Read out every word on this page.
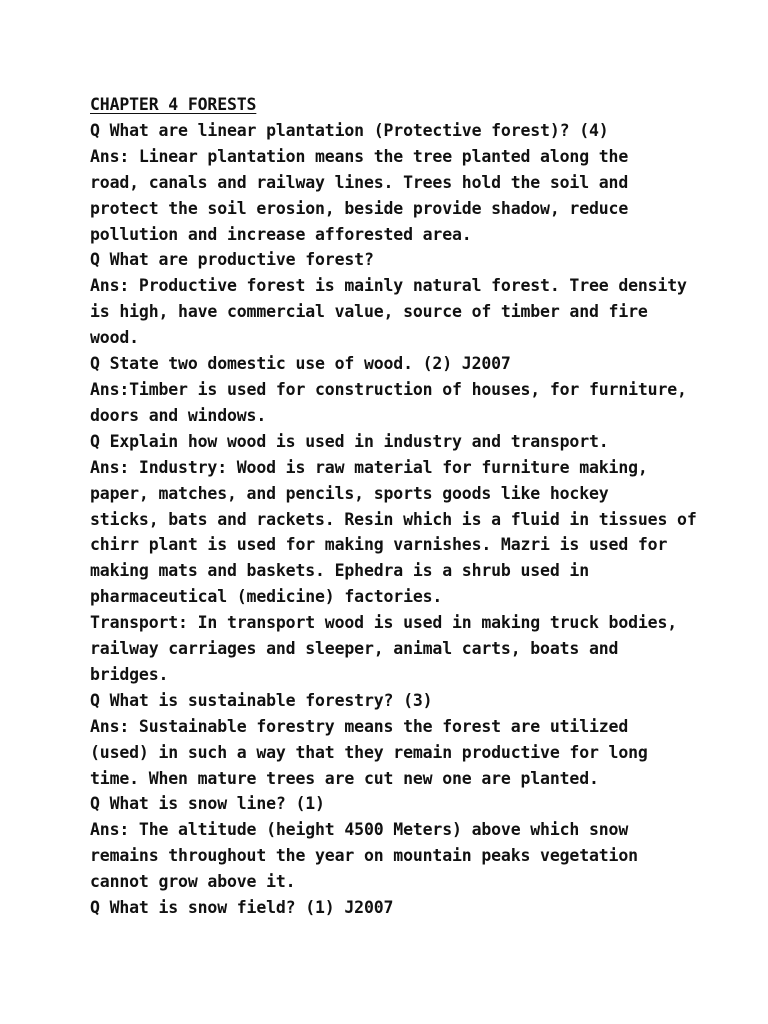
CHAPTER 4 FORESTS
Q What are linear plantation (Protective forest)? (4)
Ans: Linear plantation means the tree planted along the
road, canals and railway lines. Trees hold the soil and
protect the soil erosion, beside provide shadow, reduce
pollution and increase afforested area.
Q What are productive forest?
Ans: Productive forest is mainly natural forest. Tree density
is high, have commercial value, source of timber and fire
wood.
Q State two domestic use of wood. (2) J2007
Ans:Timber is used for construction of houses, for furniture,
doors and windows.
Q Explain how wood is used in industry and transport.
Ans: Industry: Wood is raw material for furniture making,
paper, matches, and pencils, sports goods like hockey
sticks, bats and rackets. Resin which is a fluid in tissues of
chirr plant is used for making varnishes. Mazri is used for
making mats and baskets. Ephedra is a shrub used in
pharmaceutical (medicine) factories.
Transport: In transport wood is used in making truck bodies,
railway carriages and sleeper, animal carts, boats and
bridges.
Q What is sustainable forestry? (3)
Ans: Sustainable forestry means the forest are utilized
(used) in such a way that they remain productive for long
time. When mature trees are cut new one are planted.
Q What is snow line? (1)
Ans: The altitude (height 4500 Meters) above which snow
remains throughout the year on mountain peaks vegetation
cannot grow above it.
Q What is snow field? (1) J2007
